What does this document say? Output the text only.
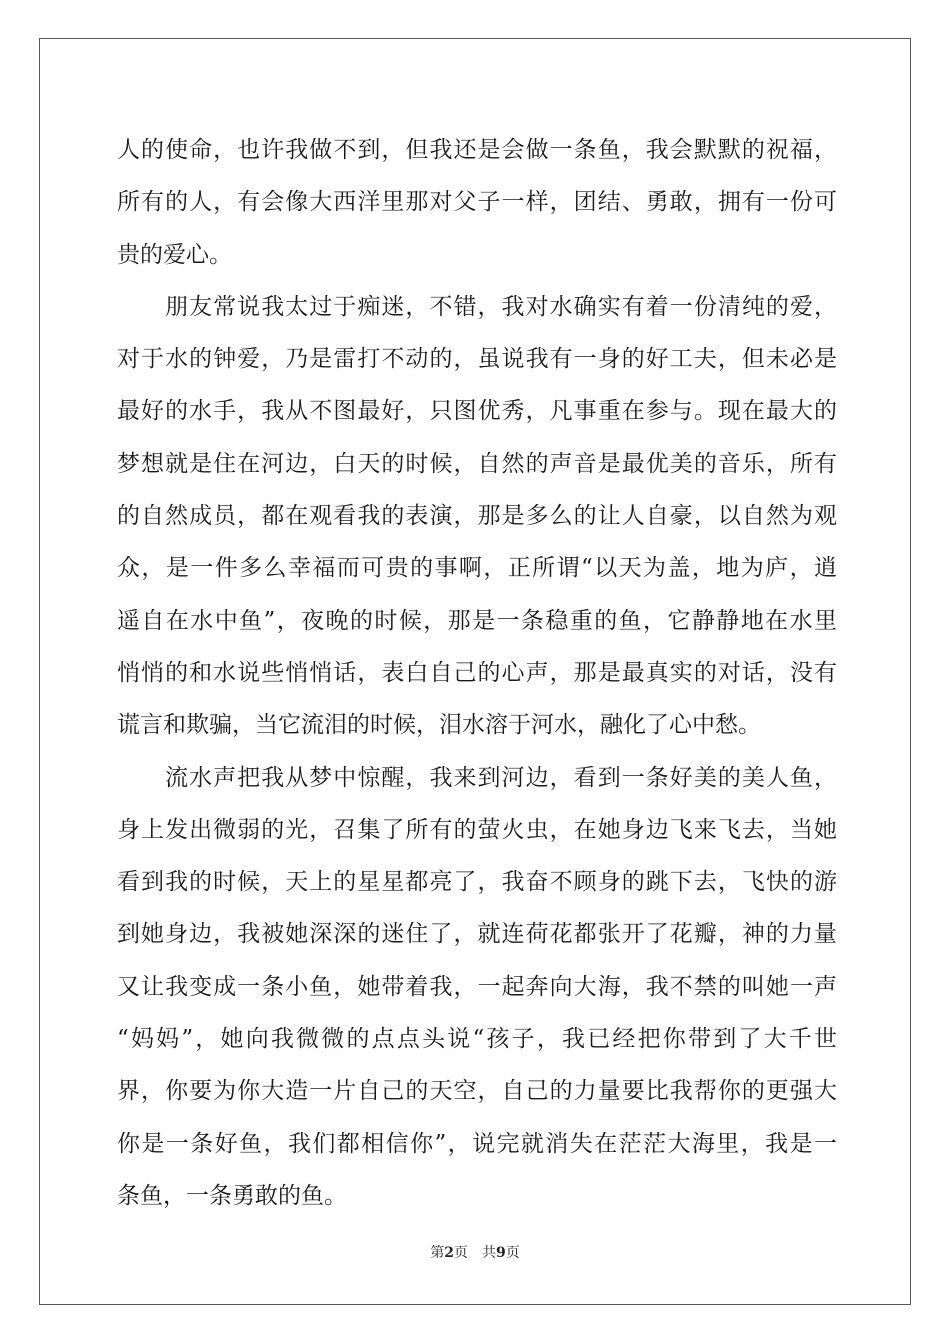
人的使命，也许我做不到，但我还是会做一条鱼，我会默默的祝福，
所有的人，有会像大西洋里那对父子一样，团结、勇敢，拥有一份可
贵的爱心。
　　朋友常说我太过于痴迷，不错，我对水确实有着一份清纯的爱，
对于水的钟爱，乃是雷打不动的，虽说我有一身的好工夫，但未必是
最好的水手，我从不图最好，只图优秀，凡事重在参与。现在最大的
梦想就是住在河边，白天的时候，自然的声音是最优美的音乐，所有
的自然成员，都在观看我的表演，那是多么的让人自豪，以自然为观
众，是一件多么幸福而可贵的事啊，正所谓“以天为盖，地为庐，逍
遥自在水中鱼”，夜晚的时候，那是一条稳重的鱼，它静静地在水里
悄悄的和水说些悄悄话，表白自己的心声，那是最真实的对话，没有
谎言和欺骗，当它流泪的时候，泪水溶于河水，融化了心中愁。
　　流水声把我从梦中惊醒，我来到河边，看到一条好美的美人鱼，
身上发出微弱的光，召集了所有的萤火虫，在她身边飞来飞去，当她
看到我的时候，天上的星星都亮了，我奋不顾身的跳下去，飞快的游
到她身边，我被她深深的迷住了，就连荷花都张开了花瓣，神的力量
又让我变成一条小鱼，她带着我，一起奔向大海，我不禁的叫她一声
“妈妈”，她向我微微的点点头说“孩子，我已经把你带到了大千世
界，你要为你大造一片自己的天空，自己的力量要比我帮你的更强大
你是一条好鱼，我们都相信你”，说完就消失在茫茫大海里，我是一
条鱼，一条勇敢的鱼。
第2页　共9页
